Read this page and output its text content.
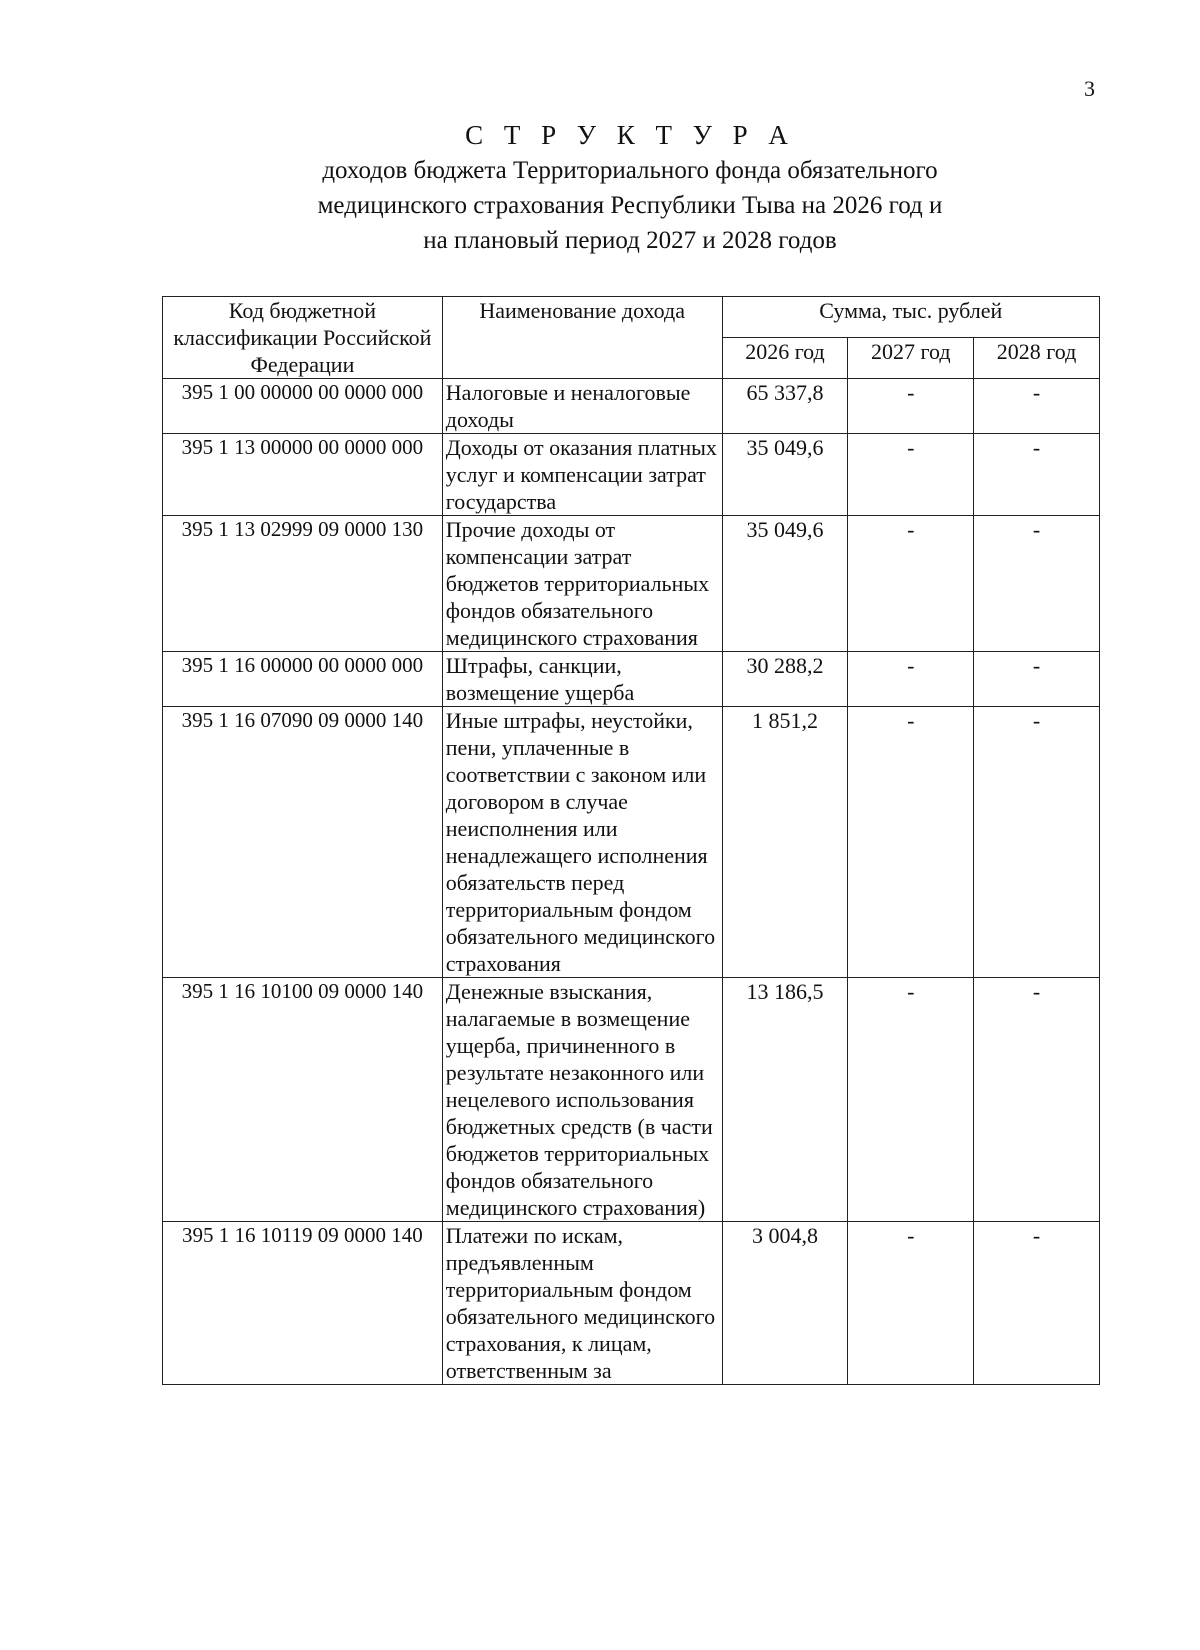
3
С Т Р У К Т У Р А
доходов бюджета Территориального фонда обязательного
медицинского страхования Республики Тыва на 2026 год и
на плановый период 2027 и 2028 годов
Код бюджетной классификации Российской Федерации	Наименование дохода	Сумма, тыс. рублей		
		2026 год	2027 год	2028 год
395 1 00 00000 00 0000 000	Налоговые и неналоговые доходы	65 337,8	-	-
395 1 13 00000 00 0000 000	Доходы от оказания платных услуг и компенсации затрат государства	35 049,6	-	-
395 1 13 02999 09 0000 130	Прочие доходы от компенсации затрат бюджетов территориальных фондов обязательного медицинского страхования	35 049,6	-	-
395 1 16 00000 00 0000 000	Штрафы, санкции, возмещение ущерба	30 288,2	-	-
395 1 16 07090 09 0000 140	Иные штрафы, неустойки, пени, уплаченные в соответствии с законом или договором в случае неисполнения или ненадлежащего исполнения обязательств перед территориальным фондом обязательного медицинского страхования	1 851,2	-	-
395 1 16 10100 09 0000 140	Денежные взыскания, налагаемые в возмещение ущерба, причиненного в результате незаконного или нецелевого использования бюджетных средств (в части бюджетов территориальных фондов обязательного медицинского страхования)	13 186,5	-	-
395 1 16 10119 09 0000 140	Платежи по искам, предъявленным территориальным фондом обязательного медицинского страхования, к лицам, ответственным за	3 004,8	-	-
